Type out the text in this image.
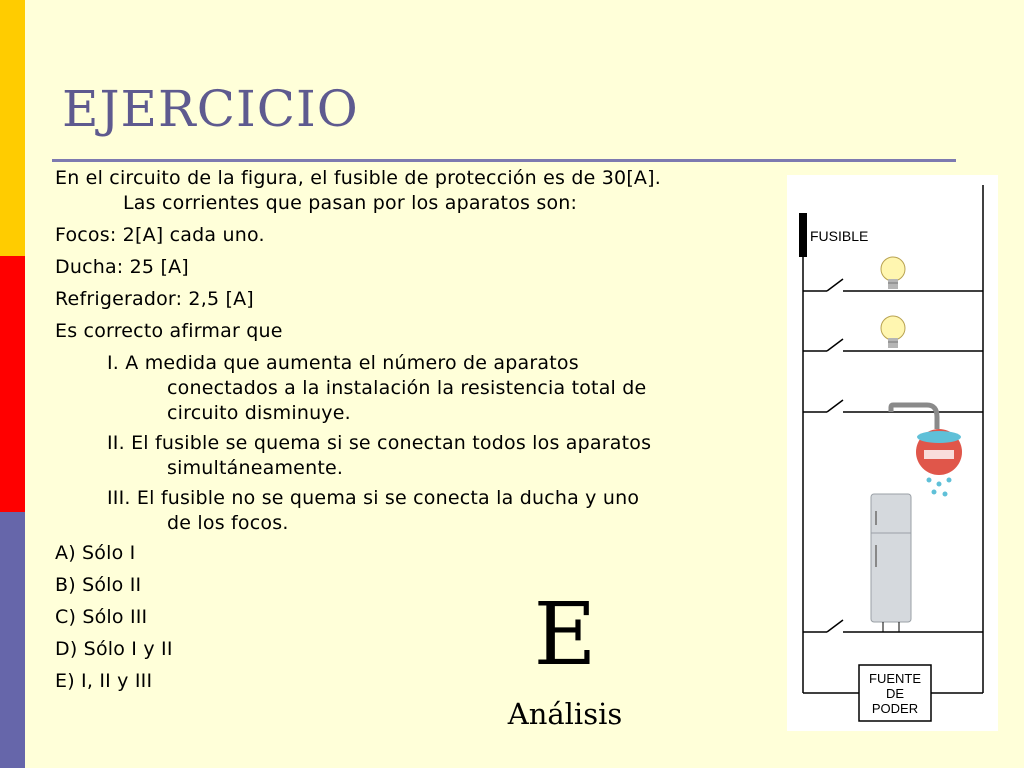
EJERCICIO

En el circuito de la figura, el fusible de protección es de 30[A].
Las corrientes que pasan por los aparatos son:

Focos: 2[A] cada uno.

Ducha: 25 [A]

Refrigerador: 2,5 [A]

Es correcto afirmar que

I. A medida que aumenta el número de aparatos
conectados a la instalación la resistencia total de
circuito disminuye.

II. El fusible se quema si se conectan todos los aparatos
simultáneamente.

III. El fusible no se quema si se conecta la ducha y uno
de los focos.

A) Sólo I

B) Sólo II

C) Sólo III

D) Sólo I y II

E) I, II y III	E
Análisis
FUSIBLE
FUENTE
DE
PODER
